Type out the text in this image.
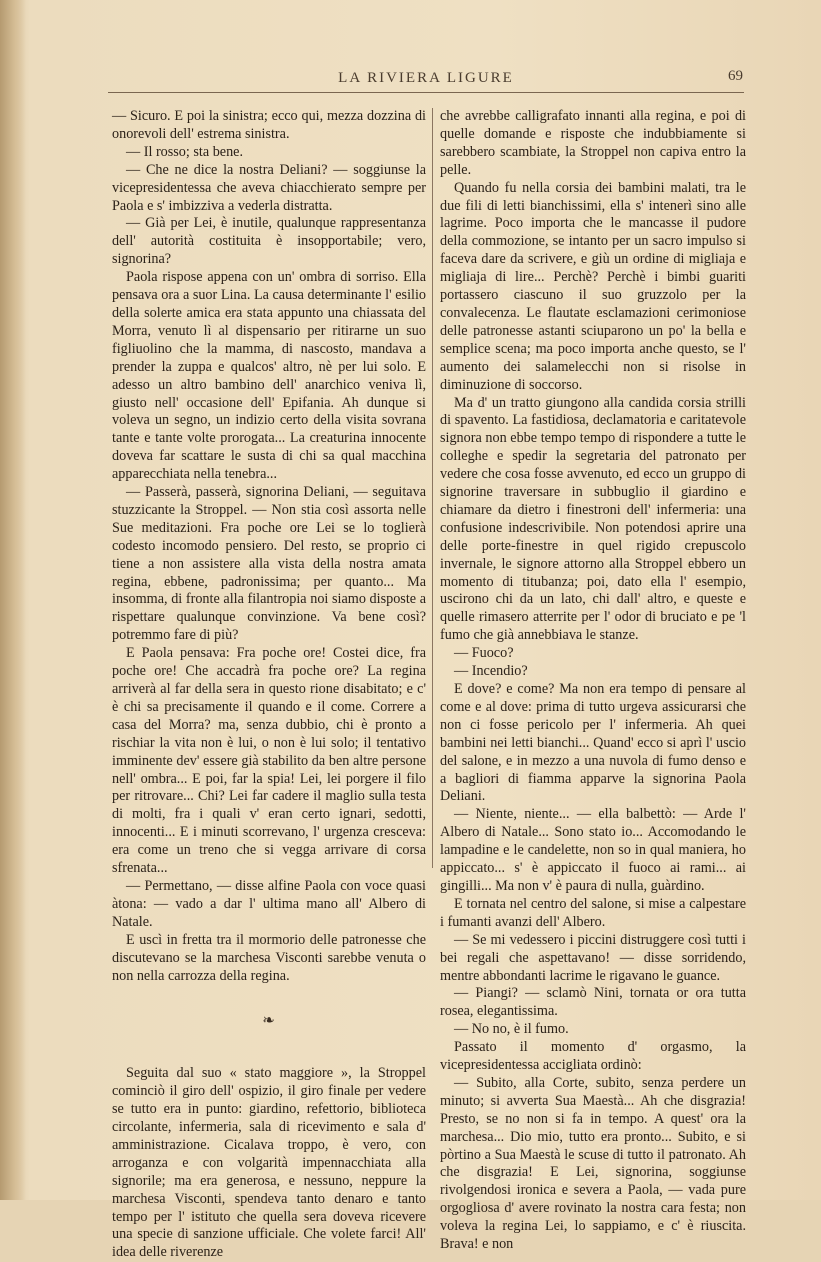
LA RIVIERA LIGURE	69

— Sicuro. E poi la sinistra; ecco qui, mezza dozzina di onorevoli dell' estrema sinistra.

— Il rosso; sta bene.

— Che ne dice la nostra Deliani? — soggiunse la vicepresidentessa che aveva chiacchierato sempre per Paola e s' imbizziva a vederla distratta.

— Già per Lei, è inutile, qualunque rappresentanza dell' autorità costituita è insopportabile; vero, signorina?

Paola rispose appena con un' ombra di sorriso. Ella pensava ora a suor Lina. La causa determinante l' esilio della solerte amica era stata appunto una chiassata del Morra, venuto lì al dispensario per ritirarne un suo figliuolino che la mamma, di nascosto, mandava a prender la zuppa e qualcos' altro, nè per lui solo. E adesso un altro bambino dell' anarchico veniva lì, giusto nell' occasione dell' Epifania. Ah dunque si voleva un segno, un indizio certo della visita sovrana tante e tante volte prorogata... La creaturina innocente doveva far scattare le susta di chi sa qual macchina apparecchiata nella tenebra...

— Passerà, passerà, signorina Deliani, — seguitava stuzzicante la Stroppel. — Non stia così assorta nelle Sue meditazioni. Fra poche ore Lei se lo toglierà codesto incomodo pensiero. Del resto, se proprio ci tiene a non assistere alla vista della nostra amata regina, ebbene, padronissima; per quanto... Ma insomma, di fronte alla filantropia noi siamo disposte a rispettare qualunque convinzione. Va bene così? potremmo fare di più?

E Paola pensava: Fra poche ore! Costei dice, fra poche ore! Che accadrà fra poche ore? La regina arriverà al far della sera in questo rione disabitato; e c' è chi sa precisamente il quando e il come. Correre a casa del Morra? ma, senza dubbio, chi è pronto a rischiar la vita non è lui, o non è lui solo; il tentativo imminente dev' essere già stabilito da ben altre persone nell' ombra... E poi, far la spia! Lei, lei porgere il filo per ritrovare... Chi? Lei far cadere il maglio sulla testa di molti, fra i quali v' eran certo ignari, sedotti, innocenti... E i minuti scorrevano, l' urgenza cresceva: era come un treno che si vegga arrivare di corsa sfrenata...

— Permettano, — disse alfine Paola con voce quasi àtona: — vado a dar l' ultima mano all' Albero di Natale.

E uscì in fretta tra il mormorio delle patronesse che discutevano se la marchesa Visconti sarebbe venuta o non nella carrozza della regina.

❧

Seguita dal suo « stato maggiore », la Stroppel cominciò il giro dell' ospizio, il giro finale per vedere se tutto era in punto: giardino, refettorio, biblioteca circolante, infermeria, sala di ricevimento e sala d' amministrazione. Cicalava troppo, è vero, con arroganza e con volgarità impennacchiata alla signorile; ma era generosa, e nessuno, neppure la marchesa Visconti, spendeva tanto denaro e tanto tempo per l' istituto che quella sera doveva ricevere una specie di sanzione ufficiale. Che volete farci! All' idea delle riverenze

che avrebbe calligrafato innanti alla regina, e poi di quelle domande e risposte che indubbiamente si sarebbero scambiate, la Stroppel non capiva entro la pelle.

Quando fu nella corsia dei bambini malati, tra le due fili di letti bianchissimi, ella s' intenerì sino alle lagrime. Poco importa che le mancasse il pudore della commozione, se intanto per un sacro impulso si faceva dare da scrivere, e giù un ordine di migliaja e migliaja di lire... Perchè? Perchè i bimbi guariti portassero ciascuno il suo gruzzolo per la convalecenza. Le flautate esclamazioni cerimoniose delle patronesse astanti sciuparono un po' la bella e semplice scena; ma poco importa anche questo, se l' aumento dei salamelecchi non si risolse in diminuzione di soccorso.

Ma d' un tratto giungono alla candida corsia strilli di spavento. La fastidiosa, declamatoria e caritatevole signora non ebbe tempo tempo di rispondere a tutte le colleghe e spedir la segretaria del patronato per vedere che cosa fosse avvenuto, ed ecco un gruppo di signorine traversare in subbuglio il giardino e chiamare da dietro i finestroni dell' infermeria: una confusione indescrivibile. Non potendosi aprire una delle porte-finestre in quel rigido crepuscolo invernale, le signore attorno alla Stroppel ebbero un momento di titubanza; poi, dato ella l' esempio, uscirono chi da un lato, chi dall' altro, e queste e quelle rimasero atterrite per l' odor di bruciato e pe 'l fumo che già annebbiava le stanze.

— Fuoco?

— Incendio?

E dove? e come? Ma non era tempo di pensare al come e al dove: prima di tutto urgeva assicurarsi che non ci fosse pericolo per l' infermeria. Ah quei bambini nei letti bianchi... Quand' ecco si aprì l' uscio del salone, e in mezzo a una nuvola di fumo denso e a bagliori di fiamma apparve la signorina Paola Deliani.

— Niente, niente... — ella balbettò: — Arde l' Albero di Natale... Sono stato io... Accomodando le lampadine e le candelette, non so in qual maniera, ho appiccato... s' è appiccato il fuoco ai rami... ai gingilli... Ma non v' è paura di nulla, guàrdino.

E tornata nel centro del salone, si mise a calpestare i fumanti avanzi dell' Albero.

— Se mi vedessero i piccini distruggere così tutti i bei regali che aspettavano! — disse sorridendo, mentre abbondanti lacrime le rigavano le guance.

— Piangi? — sclamò Nini, tornata or ora tutta rosea, elegantissima.

— No no, è il fumo.

Passato il momento d' orgasmo, la vicepresidentessa accigliata ordinò:

— Subito, alla Corte, subito, senza perdere un minuto; si avverta Sua Maestà... Ah che disgrazia! Presto, se no non si fa in tempo. A quest' ora la marchesa... Dio mio, tutto era pronto... Subito, e si pòrtino a Sua Maestà le scuse di tutto il patronato. Ah che disgrazia! E Lei, signorina, soggiunse rivolgendosi ironica e severa a Paola, — vada pure orgogliosa d' avere rovinato la nostra cara festa; non voleva la regina Lei, lo sappiamo, e c' è riuscita. Brava! e non
